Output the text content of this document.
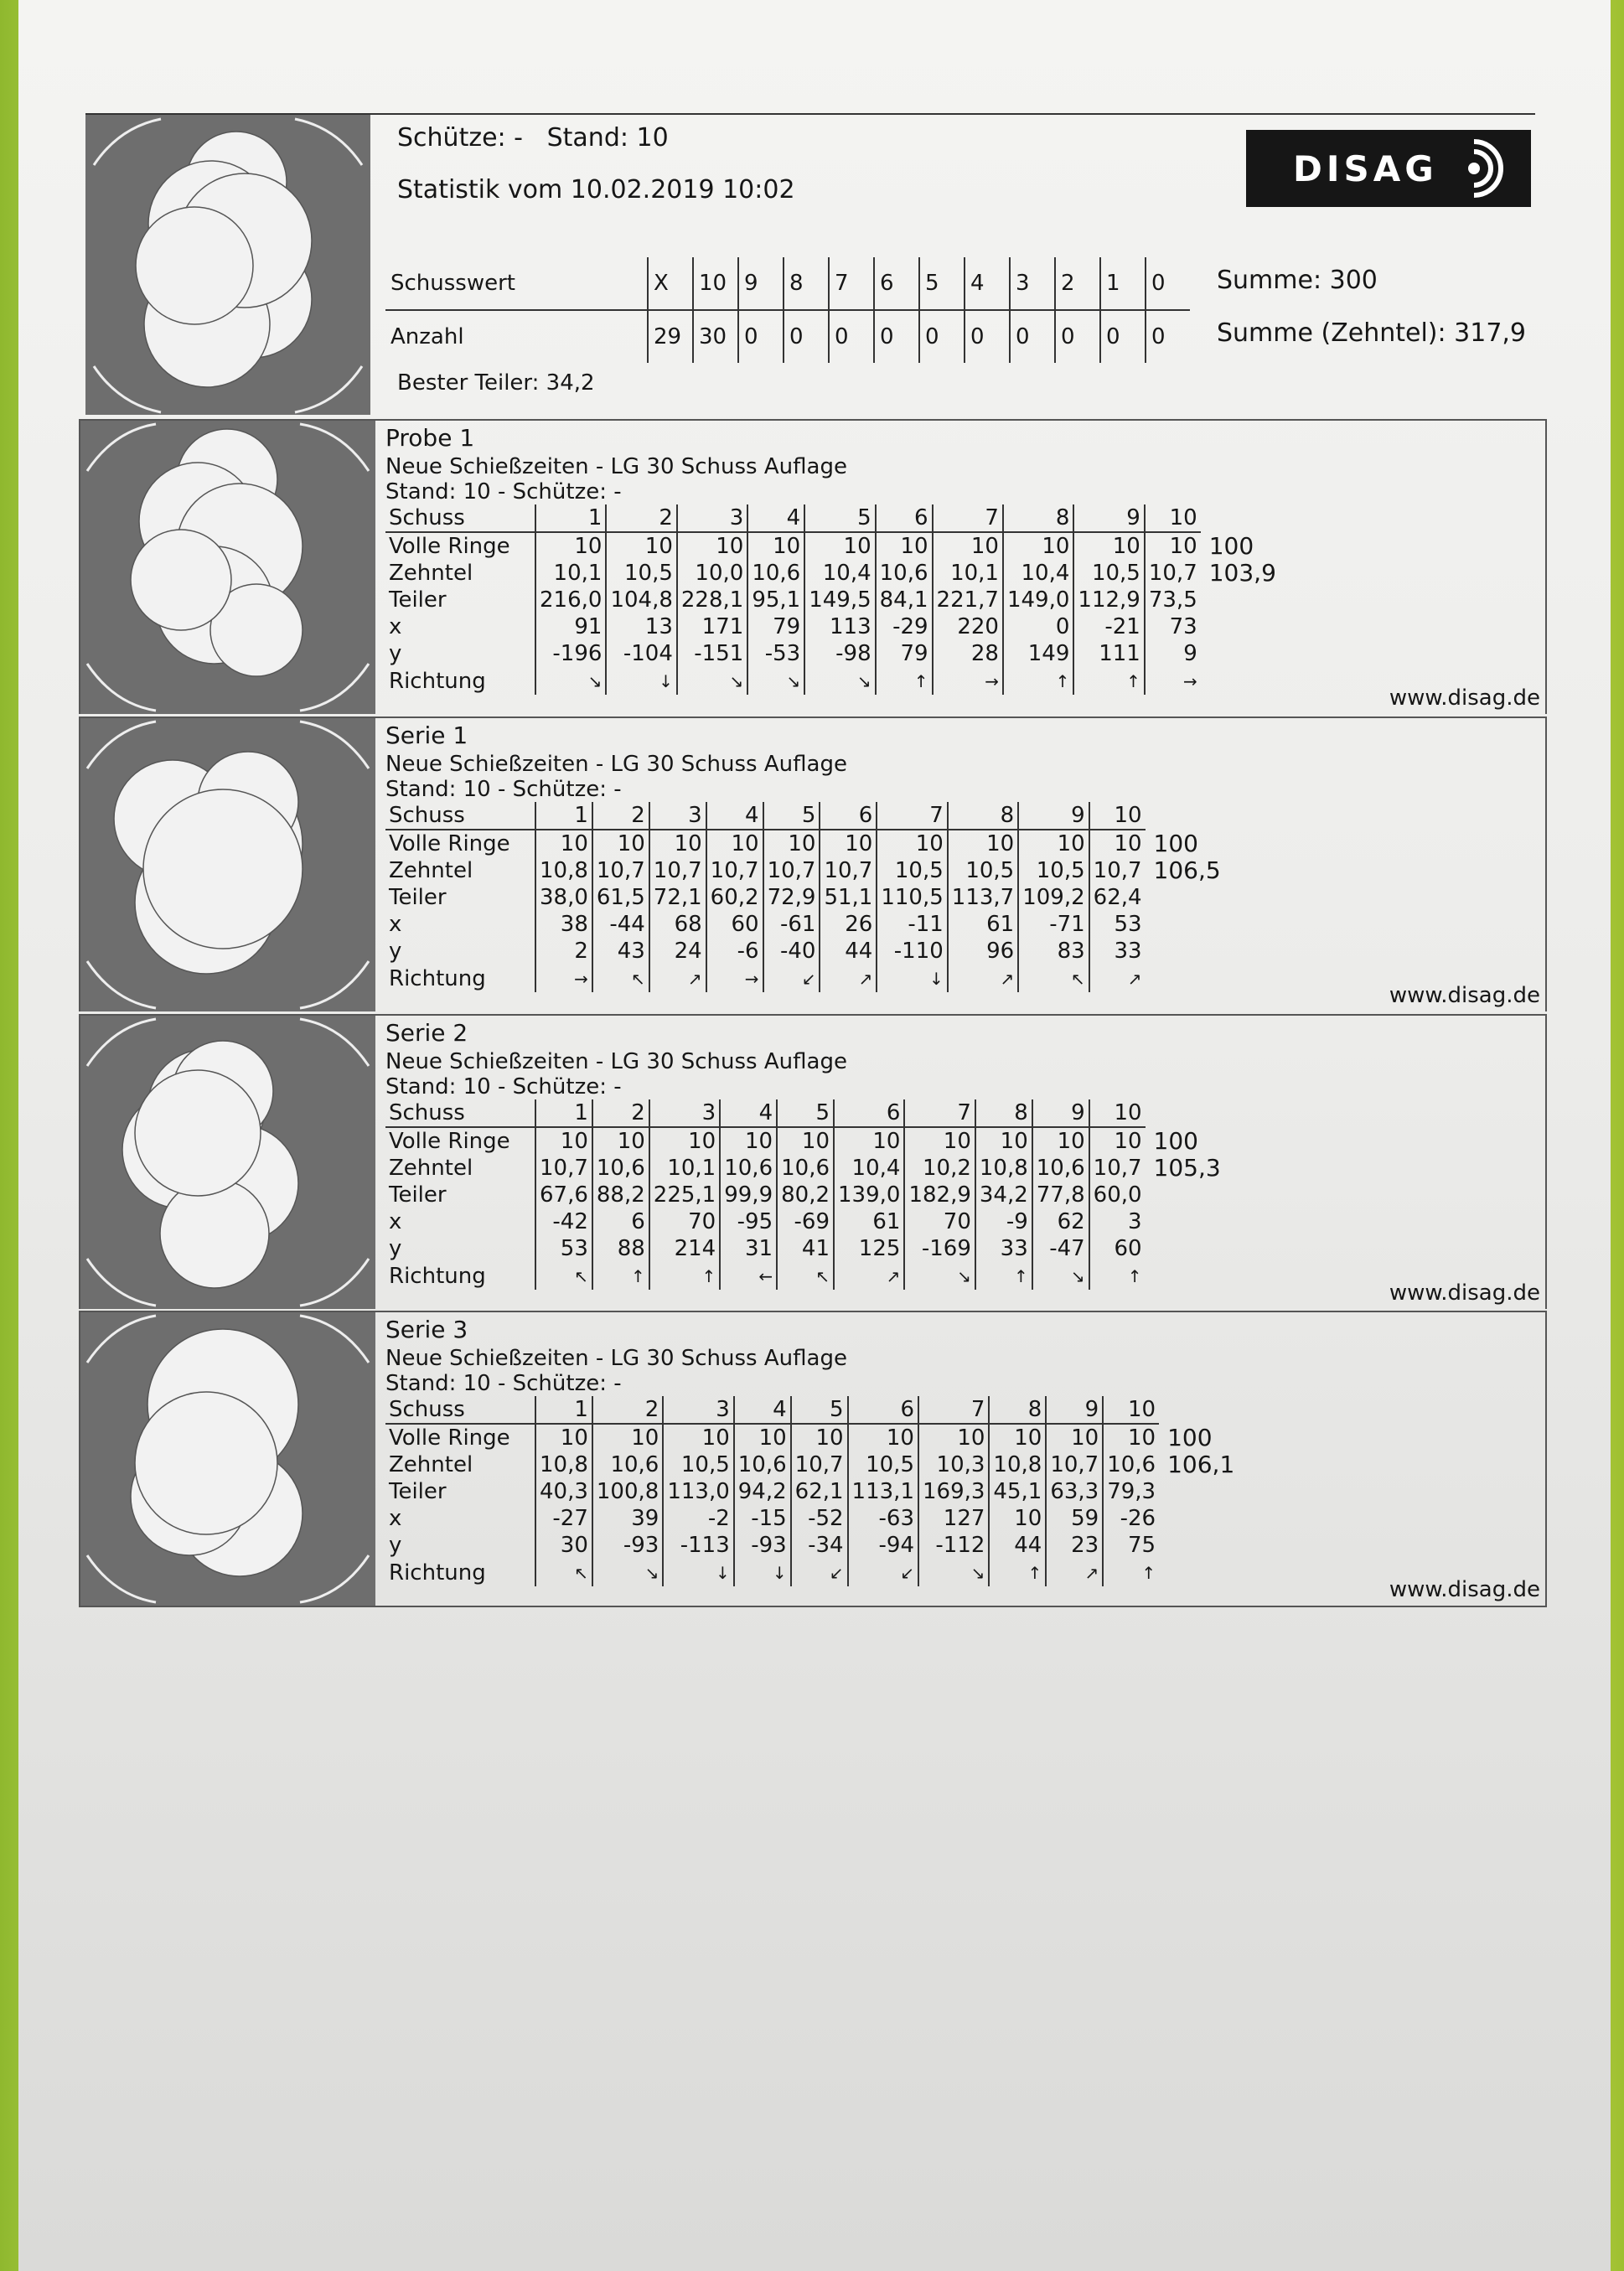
Schütze: - Stand: 10
Statistik vom 10.02.2019 10:02
DISAG
Schusswert	X	10	9	8	7	6	5	4	3	2	1	0
Anzahl	29	30	0	0	0	0	0	0	0	0	0	0
Summe: 300
Summe (Zehntel): 317,9
Bester Teiler: 34,2
Probe 1
Neue Schießzeiten - LG 30 Schuss Auflage
Stand: 10 - Schütze: -
www.disag.de
Schuss	1	2	3	4	5	6	7	8	9	10	
Volle Ringe	10	10	10	10	10	10	10	10	10	10	100
Zehntel	10,1	10,5	10,0	10,6	10,4	10,6	10,1	10,4	10,5	10,7	103,9
Teiler	216,0	104,8	228,1	95,1	149,5	84,1	221,7	149,0	112,9	73,5	
x	91	13	171	79	113	-29	220	0	-21	73	
y	-196	-104	-151	-53	-98	79	28	149	111	9	
Richtung	↘	↓	↘	↘	↘	↑	→	↑	↑	→	
Serie 1
Neue Schießzeiten - LG 30 Schuss Auflage
Stand: 10 - Schütze: -
www.disag.de
Schuss	1	2	3	4	5	6	7	8	9	10	
Volle Ringe	10	10	10	10	10	10	10	10	10	10	100
Zehntel	10,8	10,7	10,7	10,7	10,7	10,7	10,5	10,5	10,5	10,7	106,5
Teiler	38,0	61,5	72,1	60,2	72,9	51,1	110,5	113,7	109,2	62,4	
x	38	-44	68	60	-61	26	-11	61	-71	53	
y	2	43	24	-6	-40	44	-110	96	83	33	
Richtung	→	↖	↗	→	↙	↗	↓	↗	↖	↗	
Serie 2
Neue Schießzeiten - LG 30 Schuss Auflage
Stand: 10 - Schütze: -
www.disag.de
Schuss	1	2	3	4	5	6	7	8	9	10	
Volle Ringe	10	10	10	10	10	10	10	10	10	10	100
Zehntel	10,7	10,6	10,1	10,6	10,6	10,4	10,2	10,8	10,6	10,7	105,3
Teiler	67,6	88,2	225,1	99,9	80,2	139,0	182,9	34,2	77,8	60,0	
x	-42	6	70	-95	-69	61	70	-9	62	3	
y	53	88	214	31	41	125	-169	33	-47	60	
Richtung	↖	↑	↑	←	↖	↗	↘	↑	↘	↑	
Serie 3
Neue Schießzeiten - LG 30 Schuss Auflage
Stand: 10 - Schütze: -
www.disag.de
Schuss	1	2	3	4	5	6	7	8	9	10	
Volle Ringe	10	10	10	10	10	10	10	10	10	10	100
Zehntel	10,8	10,6	10,5	10,6	10,7	10,5	10,3	10,8	10,7	10,6	106,1
Teiler	40,3	100,8	113,0	94,2	62,1	113,1	169,3	45,1	63,3	79,3	
x	-27	39	-2	-15	-52	-63	127	10	59	-26	
y	30	-93	-113	-93	-34	-94	-112	44	23	75	
Richtung	↖	↘	↓	↓	↙	↙	↘	↑	↗	↑	
